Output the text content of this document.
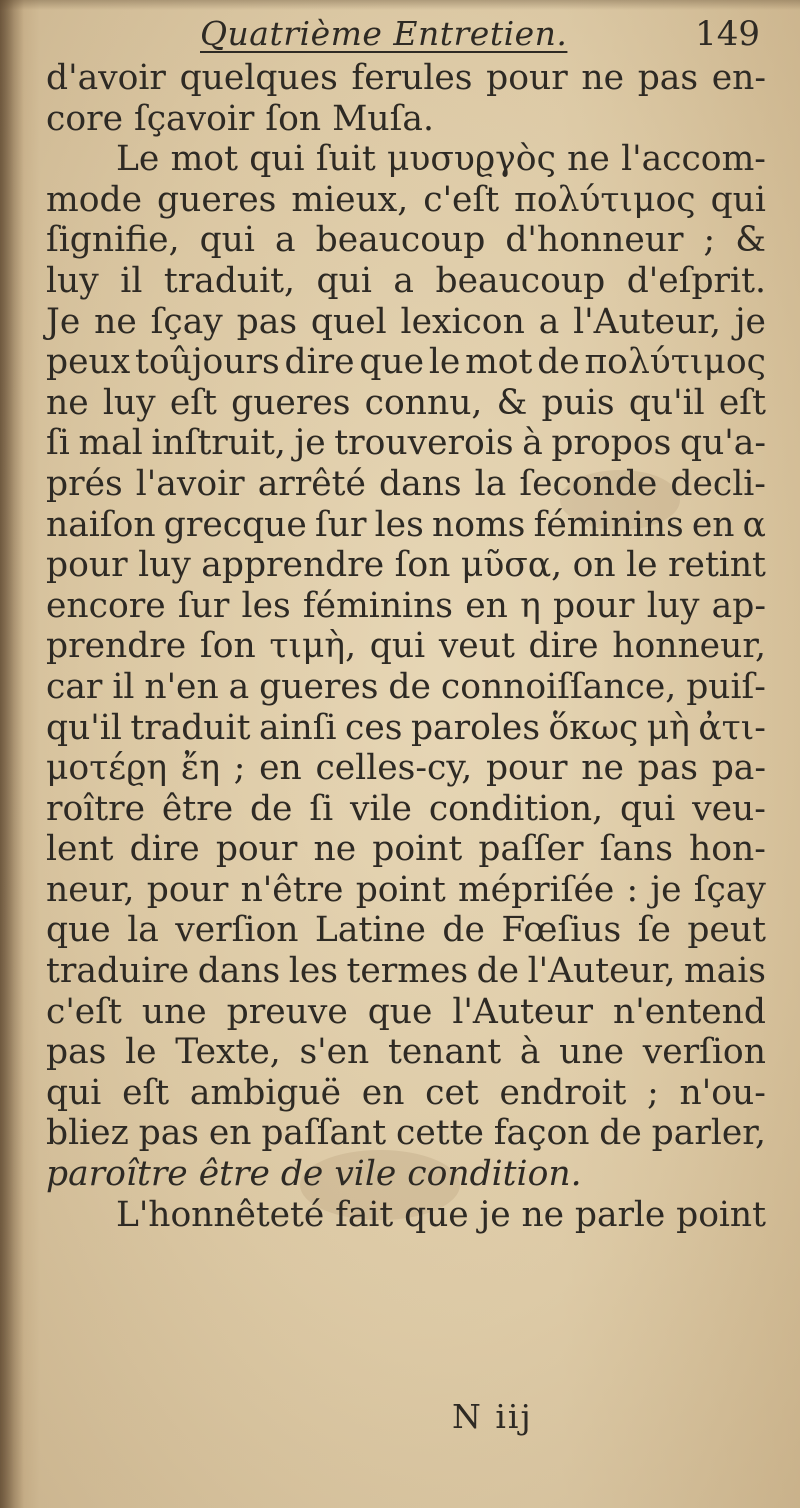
Quatrième Entretien.	149
d'avoir quelques ferules pour ne pas en-
core ſçavoir ſon Muſa.
Le mot qui ſuit μυσυϱγὸς ne l'accom-
mode gueres mieux, c'eſt πολύτιμος qui
ſignifie, qui a beaucoup d'honneur ; &
luy il traduit, qui a beaucoup d'eſprit.
Je ne ſçay pas quel lexicon a l'Auteur, je
peux toûjours dire que le mot de πολύτιμος
ne luy eſt gueres connu, & puis qu'il eſt
ſi mal inſtruit, je trouverois à propos qu'a-
prés l'avoir arrêté dans la ſeconde decli-
naiſon grecque ſur les noms féminins en α
pour luy apprendre ſon μῦσα, on le retint
encore ſur les féminins en η pour luy ap-
prendre ſon τιμὴ, qui veut dire honneur,
car il n'en a gueres de connoiſſance, puiſ-
qu'il traduit ainſi ces paroles ὅκως μὴ ἀτι-
μοτέϱη ἔη ; en celles-cy, pour ne pas pa-
roître être de ſi vile condition, qui veu-
lent dire pour ne point paſſer ſans hon-
neur, pour n'être point mépriſée : je ſçay
que la verſion Latine de Fœſius ſe peut
traduire dans les termes de l'Auteur, mais
c'eſt une preuve que l'Auteur n'entend
pas le Texte, s'en tenant à une verſion
qui eſt ambiguë en cet endroit ; n'ou-
bliez pas en paſſant cette façon de parler,
paroître être de vile condition.
L'honnêteté fait que je ne parle point
N iij
